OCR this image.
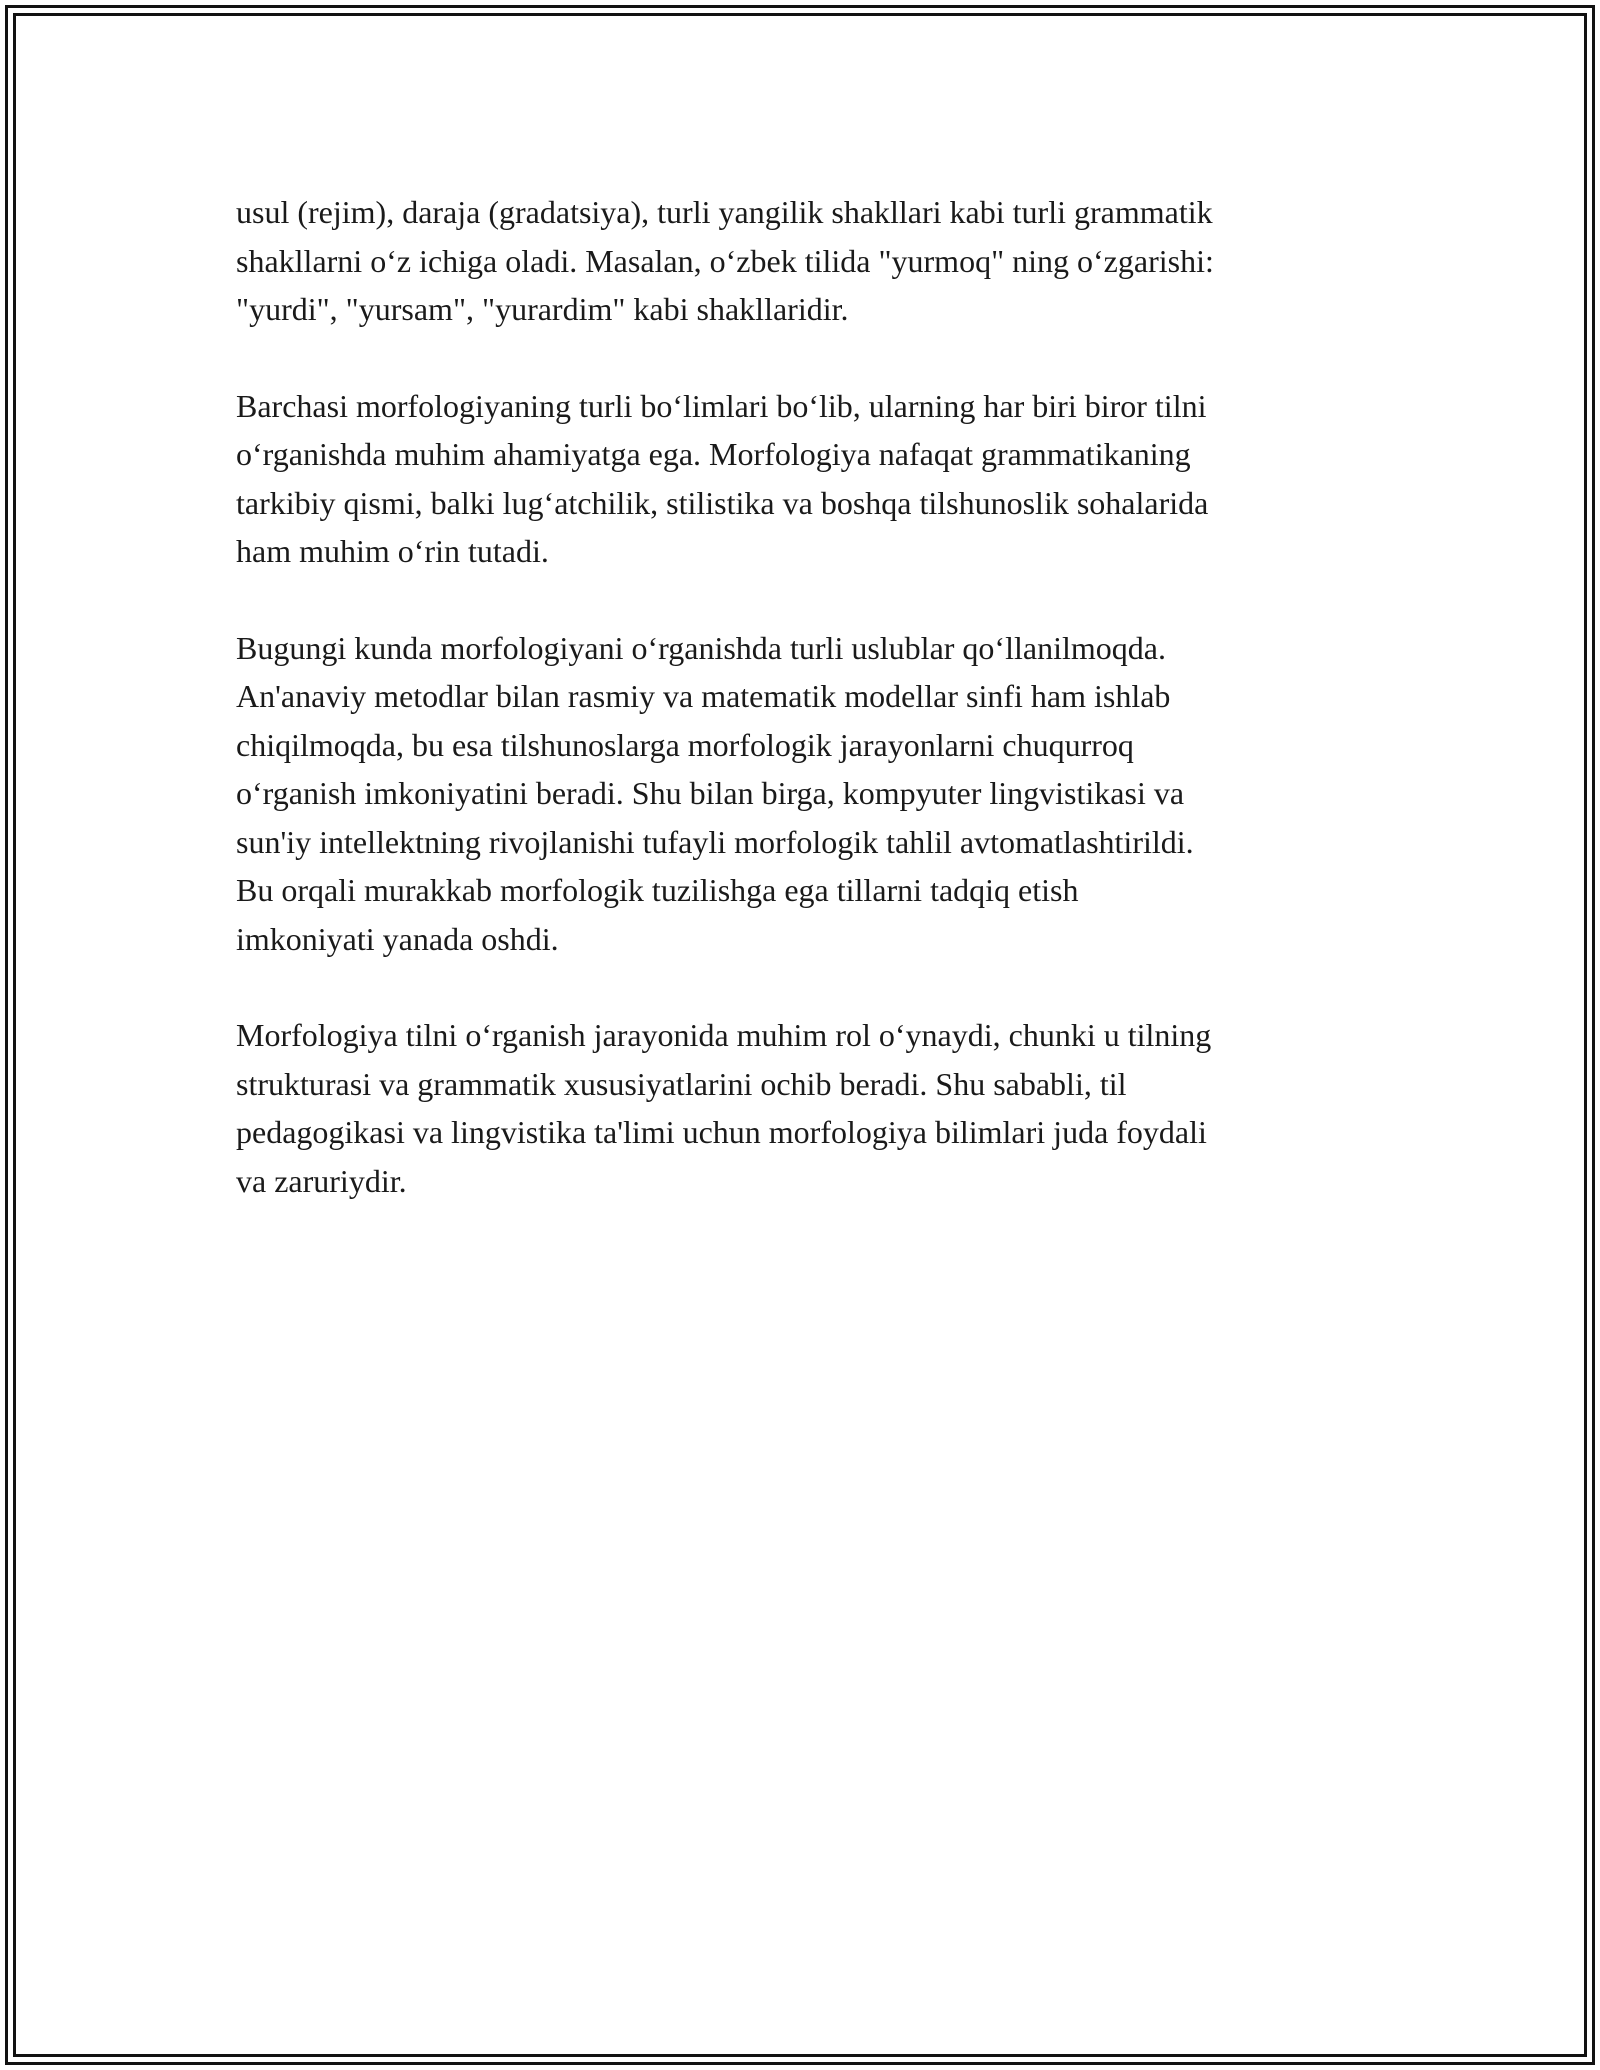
usul (rejim), daraja (gradatsiya), turli yangilik shakllari kabi turli grammatik
shakllarni oʻz ichiga oladi. Masalan, oʻzbek tilida "yurmoq" ning oʻzgarishi:
"yurdi", "yursam", "yurardim" kabi shakllaridir.

Barchasi morfologiyaning turli boʻlimlari boʻlib, ularning har biri biror tilni
oʻrganishda muhim ahamiyatga ega. Morfologiya nafaqat grammatikaning
tarkibiy qismi, balki lugʻatchilik, stilistika va boshqa tilshunoslik sohalarida
ham muhim oʻrin tutadi.

Bugungi kunda morfologiyani oʻrganishda turli uslublar qoʻllanilmoqda.
An'anaviy metodlar bilan rasmiy va matematik modellar sinfi ham ishlab
chiqilmoqda, bu esa tilshunoslarga morfologik jarayonlarni chuqurroq
oʻrganish imkoniyatini beradi. Shu bilan birga, kompyuter lingvistikasi va
sun'iy intellektning rivojlanishi tufayli morfologik tahlil avtomatlashtirildi.
Bu orqali murakkab morfologik tuzilishga ega tillarni tadqiq etish
imkoniyati yanada oshdi.

Morfologiya tilni oʻrganish jarayonida muhim rol oʻynaydi, chunki u tilning
strukturasi va grammatik xususiyatlarini ochib beradi. Shu sababli, til
pedagogikasi va lingvistika ta'limi uchun morfologiya bilimlari juda foydali
va zaruriydir.
